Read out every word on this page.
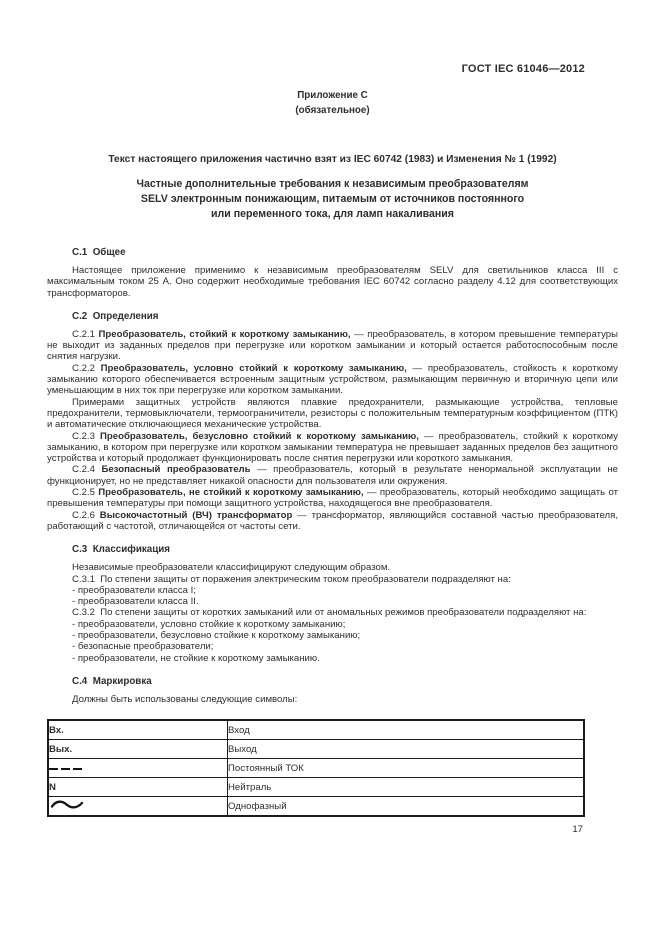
ГОСТ IEC 61046—2012
Приложение С
(обязательное)
Текст настоящего приложения частично взят из IEC 60742 (1983) и Изменения № 1 (1992)
Частные дополнительные требования к независимым преобразователям
SELV электронным понижающим, питаемым от источников постоянного
или переменного тока, для ламп накаливания
С.1  Общее

Настоящее приложение применимо к независимым преобразователям SELV для светильников класса III с максимальным током 25 А. Оно содержит необходимые требования IEC 60742 согласно разделу 4.12 для соответствующих трансформаторов.

С.2  Определения

С.2.1 Преобразователь, стойкий к короткому замыканию, — преобразователь, в котором превышение температуры не выходит из заданных пределов при перегрузке или коротком замыкании и который остается работоспособным после снятия нагрузки.

С.2.2 Преобразователь, условно стойкий к короткому замыканию, — преобразователь, стойкость к короткому замыканию которого обеспечивается встроенным защитным устройством, размыкающим первичную и вторичную цепи или уменьшающим в них ток при перегрузке или коротком замыкании.

Примерами защитных устройств являются плавкие предохранители, размыкающие устройства, тепловые предохранители, термовыключатели, термоограничители, резисторы с положительным температурным коэффициентом (ПТК) и автоматические отключающиеся механические устройства.

С.2.3 Преобразователь, безусловно стойкий к короткому замыканию, — преобразователь, стойкий к короткому замыканию, в котором при перегрузке или коротком замыкании температура не превышает заданных пределов без защитного устройства и который продолжает функционировать после снятия перегрузки или короткого замыкания.

С.2.4 Безопасный преобразователь — преобразователь, который в результате ненормальной эксплуатации не функционирует, но не представляет никакой опасности для пользователя или окружения.

С.2.5 Преобразователь, не стойкий к короткому замыканию, — преобразователь, который необходимо защищать от превышения температуры при помощи защитного устройства, находящегося вне преобразователя.

С.2.6 Высокочастотный (ВЧ) трансформатор — трансформатор, являющийся составной частью преобразователя, работающий с частотой, отличающейся от частоты сети.

С.3  Классификация

Независимые преобразователи классифицируют следующим образом.

С.3.1  По степени защиты от поражения электрическим током преобразователи подразделяют на:

- преобразователи класса I;

- преобразователи класса II.

С.3.2  По степени защиты от коротких замыканий или от аномальных режимов преобразователи подразделяют на:

- преобразователи, условно стойкие к короткому замыканию;

- преобразователи, безусловно стойкие к короткому замыканию;

- безопасные преобразователи;

- преобразователи, не стойкие к короткому замыканию.

С.4  Маркировка

Должны быть использованы следующие символы:

Вх.	Вход
Вых.	Выход

	Постоянный ТОК
N	Нейтраль
	Однофазный
17
